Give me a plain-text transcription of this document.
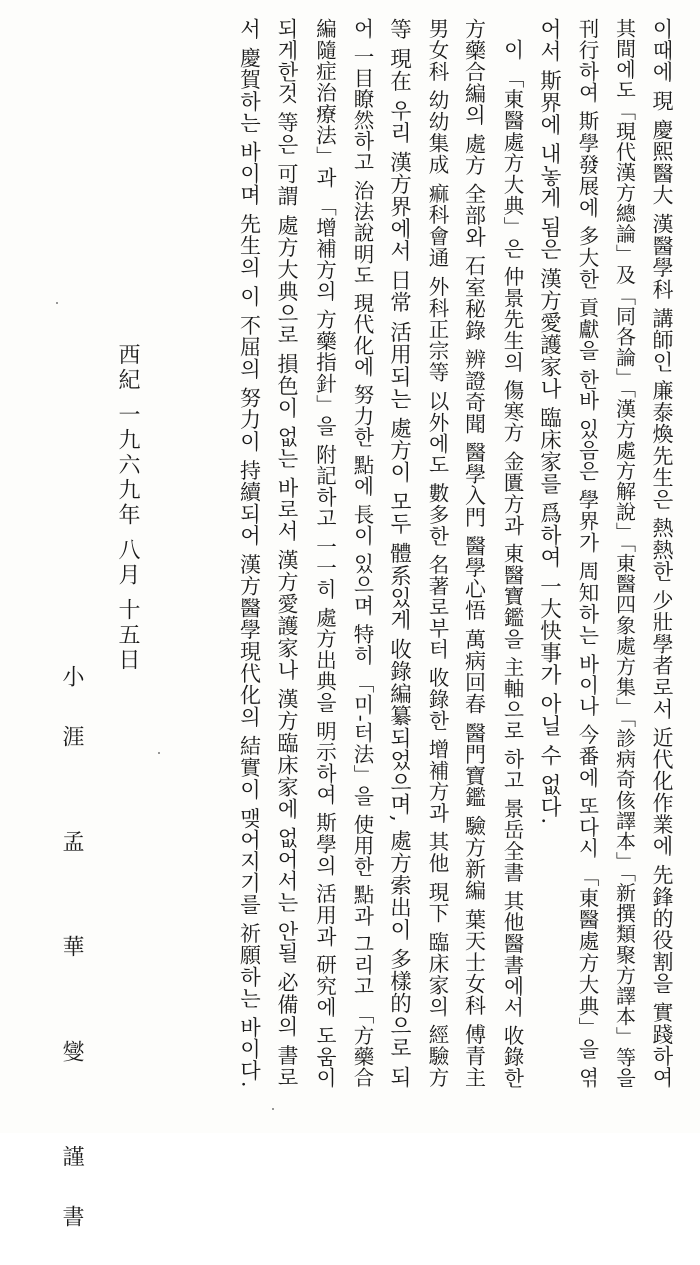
이때에 現 慶熙醫大 漢醫學科 講師인 廉泰煥先生은 熱熱한 少壯學者로서 近代化作業에 先鋒的役割을 實踐하여
其間에도「現代漢方總論」及「同各論」「漢方處方解說」「東醫四象處方集」「診病奇侅譯本」「新撰類聚方譯本」等을
刊行하여 斯學發展에 多大한 貢獻을 한바 있음은 學界가 周知하는 바이나 今番에 또다시 「東醫處方大典」을 엮
어서 斯界에 내놓게 됨은 漢方愛護家나 臨床家를 爲하여 一大快事가 아닐 수 없다.
이 「東醫處方大典」은 仲景先生의 傷寒方 金匱方과 東醫寶鑑을 主軸으로 하고 景岳全書 其他醫書에서 收錄한
方藥合編의 處方 全部와 石室秘錄 辨證奇聞 醫學入門 醫學心悟 萬病回春 醫門寶鑑 驗方新編 葉天士女科 傅青主
男女科 幼幼集成 痲科會通 外科正宗等 以外에도 數多한 名著로부터 收錄한 增補方과 其他 現下 臨床家의 經驗方
等 現在 우리 漢方界에서 日常 活用되는 處方이 모두 體系있게 收錄編纂되었으며, 處方索出이 多樣的으로 되
어 一目瞭然하고 治法說明도 現代化에 努力한 點에 長이 있으며 特히 「미-터法」을 使用한 點과 그리고 「方藥合
編隨症治療法」과 「增補方의 方藥指針」을 附記하고 一一히 處方出典을 明示하여 斯學의 活用과 研究에 도움이
되게한것 等은 可謂 處方大典으로 損色이 없는 바로서 漢方愛護家나 漢方臨床家에 없어서는 안될 必備의 書로
서 慶賀하는 바이며 先生의 이 不屈의 努力이 持續되어 漢方醫學現代化의 結實이 맺어지기를 祈願하는 바이다.
西紀 一九六九年 八月 十五日
小涯 孟 華 燮 謹書
